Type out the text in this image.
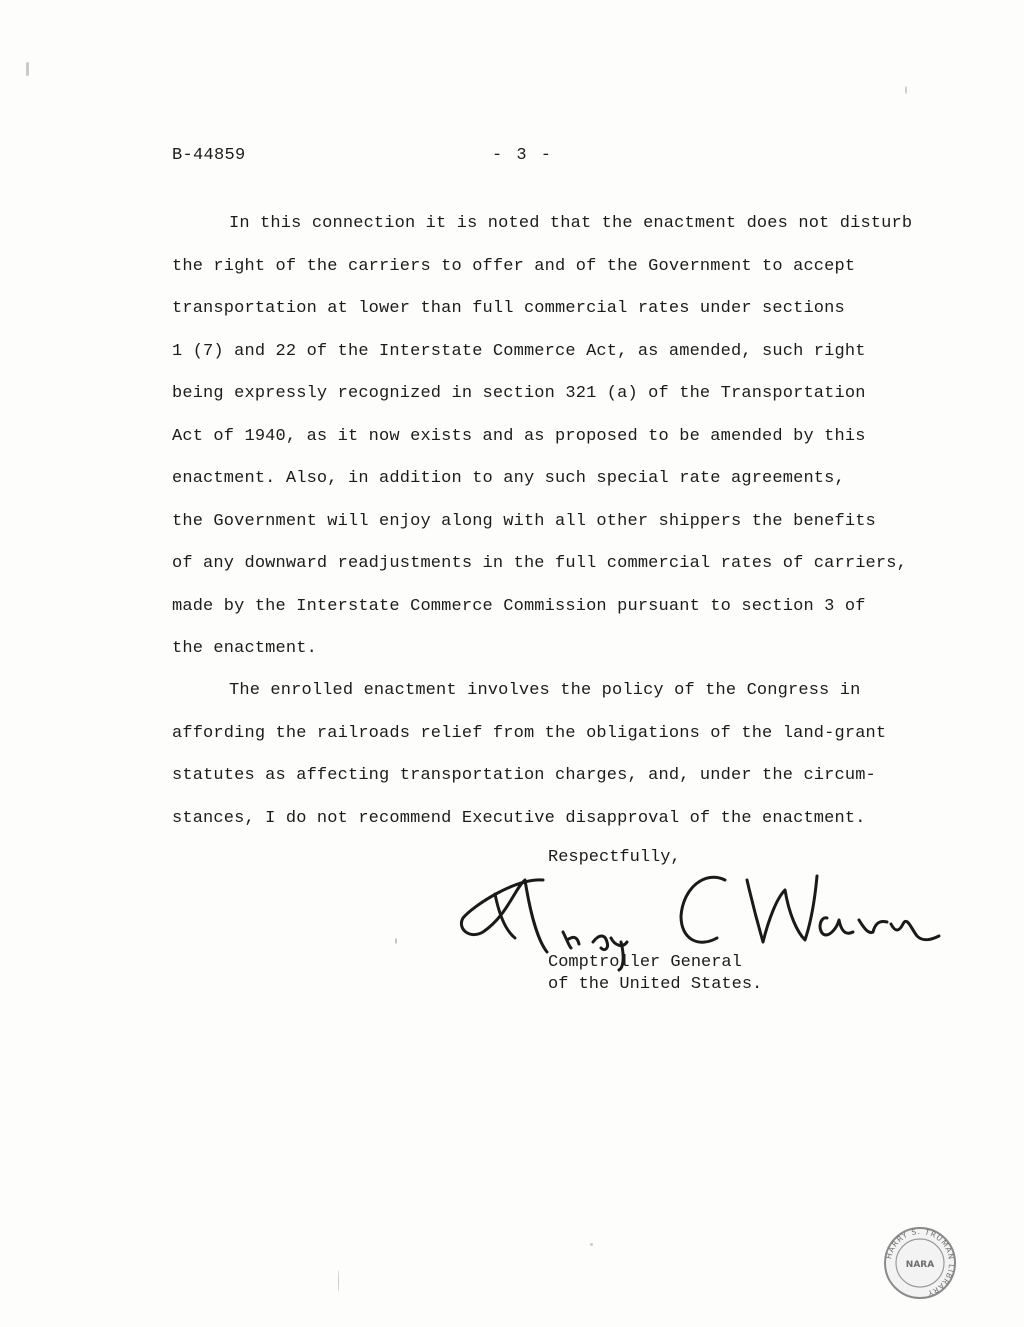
B-44859	- 3 -
In this connection it is noted that the enactment does not disturb
the right of the carriers to offer and of the Government to accept
transportation at lower than full commercial rates under sections
1 (7) and 22 of the Interstate Commerce Act, as amended, such right
being expressly recognized in section 321 (a) of the Transportation
Act of 1940, as it now exists and as proposed to be amended by this
enactment. Also, in addition to any such special rate agreements,
the Government will enjoy along with all other shippers the benefits
of any downward readjustments in the full commercial rates of carriers,
made by the Interstate Commerce Commission pursuant to section 3 of
the enactment.
The enrolled enactment involves the policy of the Congress in
affording the railroads relief from the obligations of the land-grant
statutes as affecting transportation charges, and, under the circum-
stances, I do not recommend Executive disapproval of the enactment.
Respectfully,
Comptroller General
of the United States.
HARRY S. TRUMAN LIBRARY
NARA
